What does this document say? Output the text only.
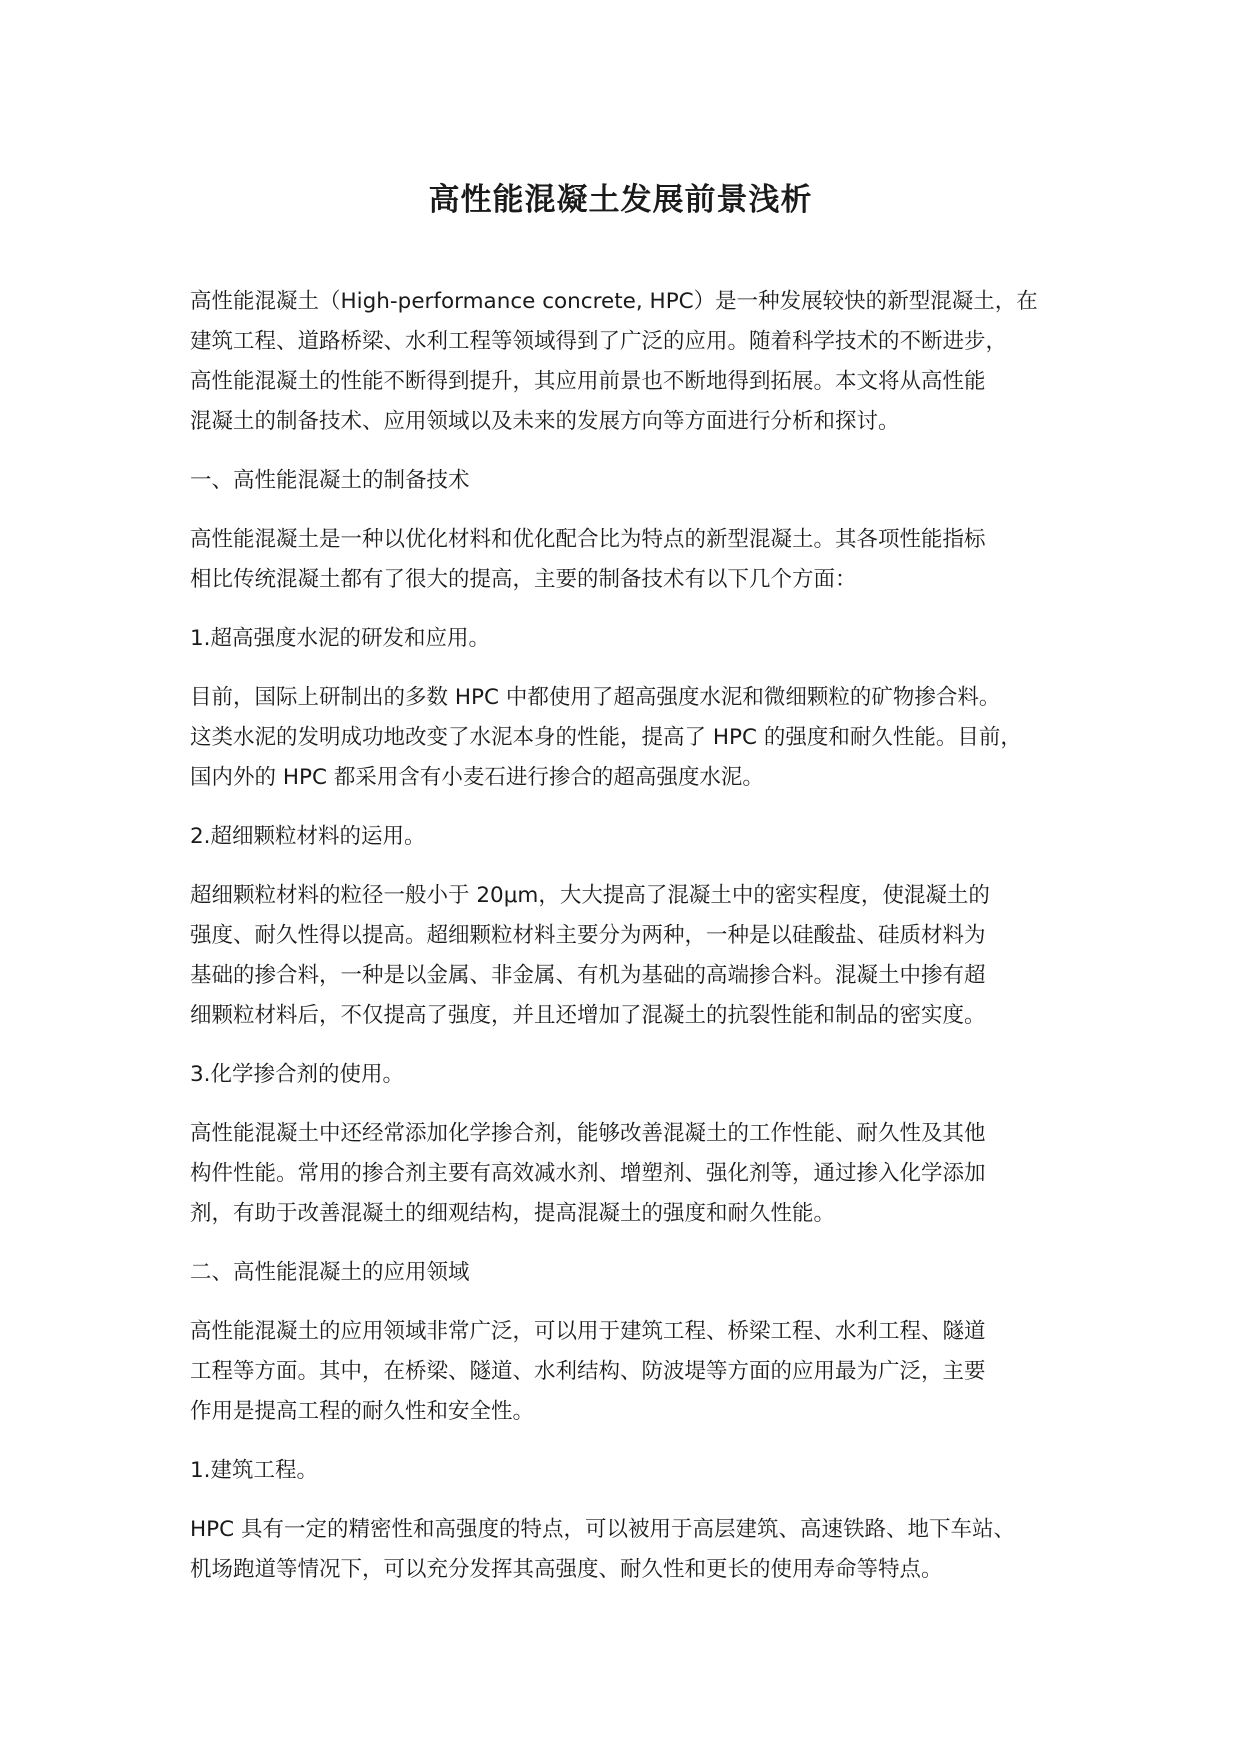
高性能混凝土发展前景浅析

高性能混凝土（High-performance concrete, HPC）是一种发展较快的新型混凝土，在
建筑工程、道路桥梁、水利工程等领域得到了广泛的应用。随着科学技术的不断进步，
高性能混凝土的性能不断得到提升，其应用前景也不断地得到拓展。本文将从高性能
混凝土的制备技术、应用领域以及未来的发展方向等方面进行分析和探讨。

一、高性能混凝土的制备技术

高性能混凝土是一种以优化材料和优化配合比为特点的新型混凝土。其各项性能指标
相比传统混凝土都有了很大的提高，主要的制备技术有以下几个方面：

1.超高强度水泥的研发和应用。

目前，国际上研制出的多数 HPC 中都使用了超高强度水泥和微细颗粒的矿物掺合料。
这类水泥的发明成功地改变了水泥本身的性能，提高了 HPC 的强度和耐久性能。目前，
国内外的 HPC 都采用含有小麦石进行掺合的超高强度水泥。

2.超细颗粒材料的运用。

超细颗粒材料的粒径一般小于 20μm，大大提高了混凝土中的密实程度，使混凝土的
强度、耐久性得以提高。超细颗粒材料主要分为两种，一种是以硅酸盐、硅质材料为
基础的掺合料，一种是以金属、非金属、有机为基础的高端掺合料。混凝土中掺有超
细颗粒材料后，不仅提高了强度，并且还增加了混凝土的抗裂性能和制品的密实度。

3.化学掺合剂的使用。

高性能混凝土中还经常添加化学掺合剂，能够改善混凝土的工作性能、耐久性及其他
构件性能。常用的掺合剂主要有高效减水剂、增塑剂、强化剂等，通过掺入化学添加
剂，有助于改善混凝土的细观结构，提高混凝土的强度和耐久性能。

二、高性能混凝土的应用领域

高性能混凝土的应用领域非常广泛，可以用于建筑工程、桥梁工程、水利工程、隧道
工程等方面。其中，在桥梁、隧道、水利结构、防波堤等方面的应用最为广泛，主要
作用是提高工程的耐久性和安全性。

1.建筑工程。

HPC 具有一定的精密性和高强度的特点，可以被用于高层建筑、高速铁路、地下车站、
机场跑道等情况下，可以充分发挥其高强度、耐久性和更长的使用寿命等特点。
